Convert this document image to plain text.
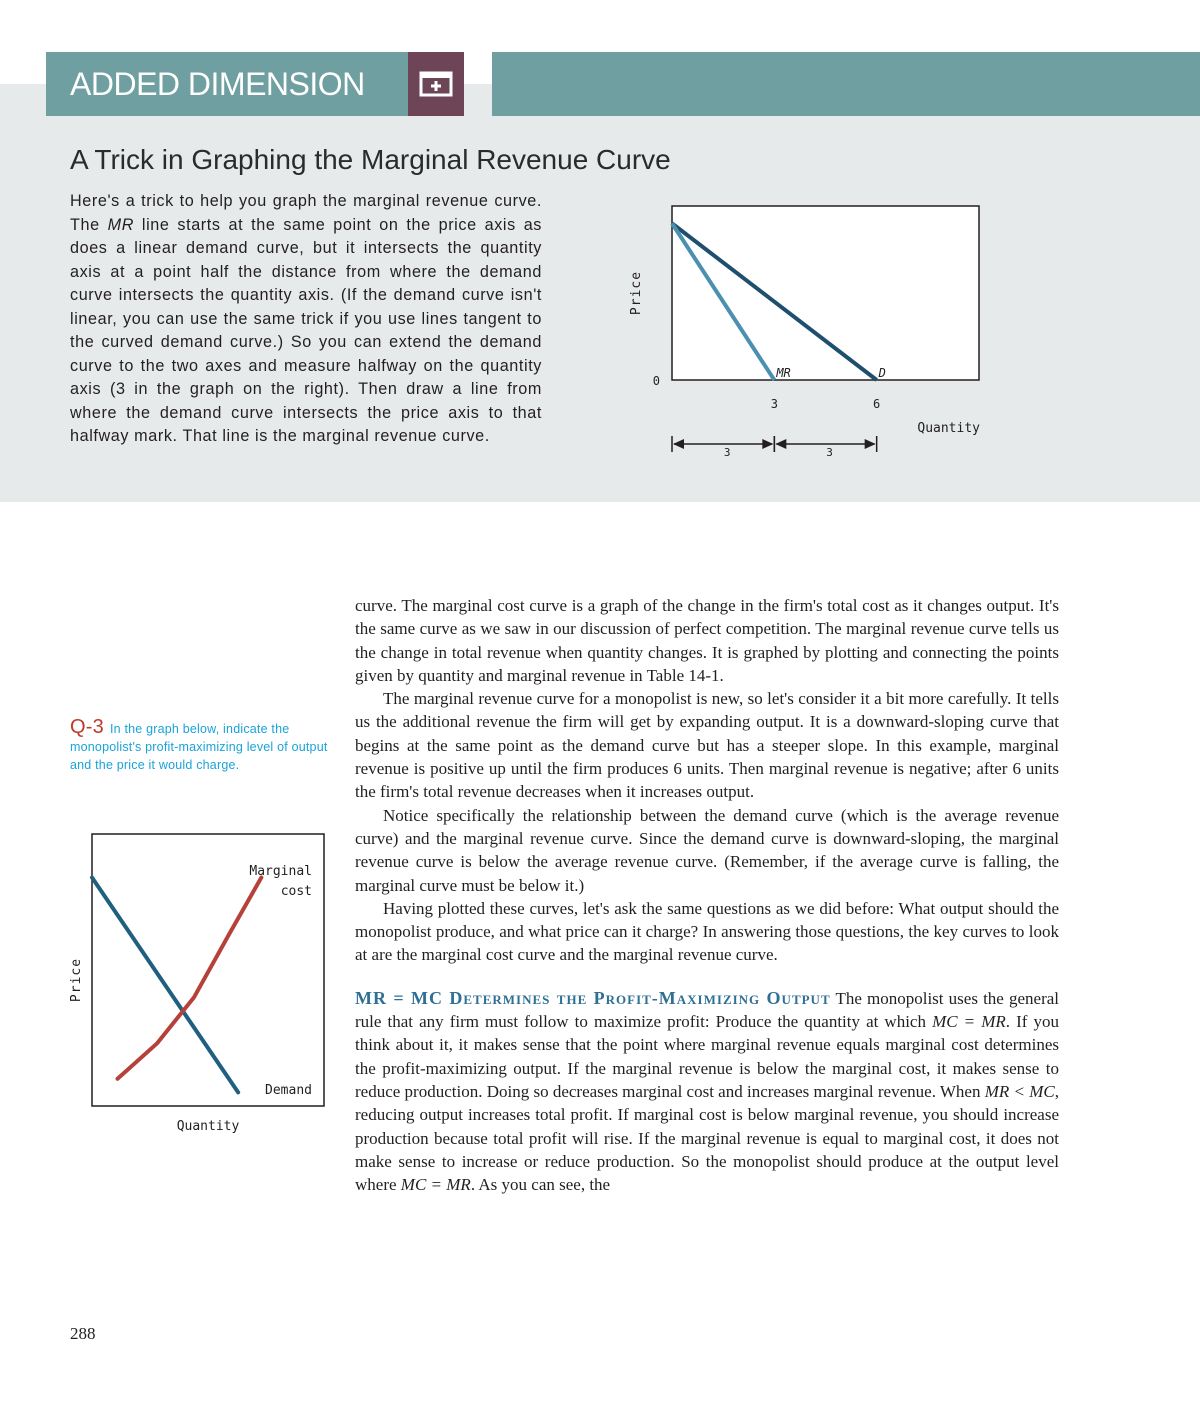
ADDED DIMENSION
A Trick in Graphing the Marginal Revenue Curve

Here's a trick to help you graph the marginal revenue curve. The MR line starts at the same point on the price axis as does a linear demand curve, but it intersects the quantity axis at a point half the distance from where the demand curve intersects the quantity axis. (If the demand curve isn't linear, you can use the same trick if you use lines tangent to the curved demand curve.) So you can extend the demand curve to the two axes and measure halfway on the quantity axis (3 in the graph on the right). Then draw a line from where the demand curve intersects the price axis to that halfway mark. That line is the marginal revenue curve.

Price
0
3	6
Quantity
D
MR
3	3

Q-3 In the graph below, indicate the monopolist's profit-maximizing level of output and the price it would charge.

Price
Quantity
Demand
Marginal
cost

curve. The marginal cost curve is a graph of the change in the firm's total cost as it changes output. It's the same curve as we saw in our discussion of perfect competition. The marginal revenue curve tells us the change in total revenue when quantity changes. It is graphed by plotting and connecting the points given by quantity and marginal revenue in Table 14-1.

The marginal revenue curve for a monopolist is new, so let's consider it a bit more carefully. It tells us the additional revenue the firm will get by expanding output. It is a downward-sloping curve that begins at the same point as the demand curve but has a steeper slope. In this example, marginal revenue is positive up until the firm produces 6 units. Then marginal revenue is negative; after 6 units the firm's total revenue decreases when it increases output.

Notice specifically the relationship between the demand curve (which is the average revenue curve) and the marginal revenue curve. Since the demand curve is downward-sloping, the marginal revenue curve is below the average revenue curve. (Remember, if the average curve is falling, the marginal curve must be below it.)

Having plotted these curves, let's ask the same questions as we did before: What output should the monopolist produce, and what price can it charge? In answering those questions, the key curves to look at are the marginal cost curve and the marginal revenue curve.

MR = MC Determines the Profit-Maximizing Output The monopolist uses the general rule that any firm must follow to maximize profit: Produce the quantity at which MC = MR. If you think about it, it makes sense that the point where marginal revenue equals marginal cost determines the profit-maximizing output. If the marginal revenue is below the marginal cost, it makes sense to reduce production. Doing so decreases marginal cost and increases marginal revenue. When MR < MC, reducing output increases total profit. If marginal cost is below marginal revenue, you should increase production because total profit will rise. If the marginal revenue is equal to marginal cost, it does not make sense to increase or reduce production. So the monopolist should produce at the output level where MC = MR. As you can see, the

288
